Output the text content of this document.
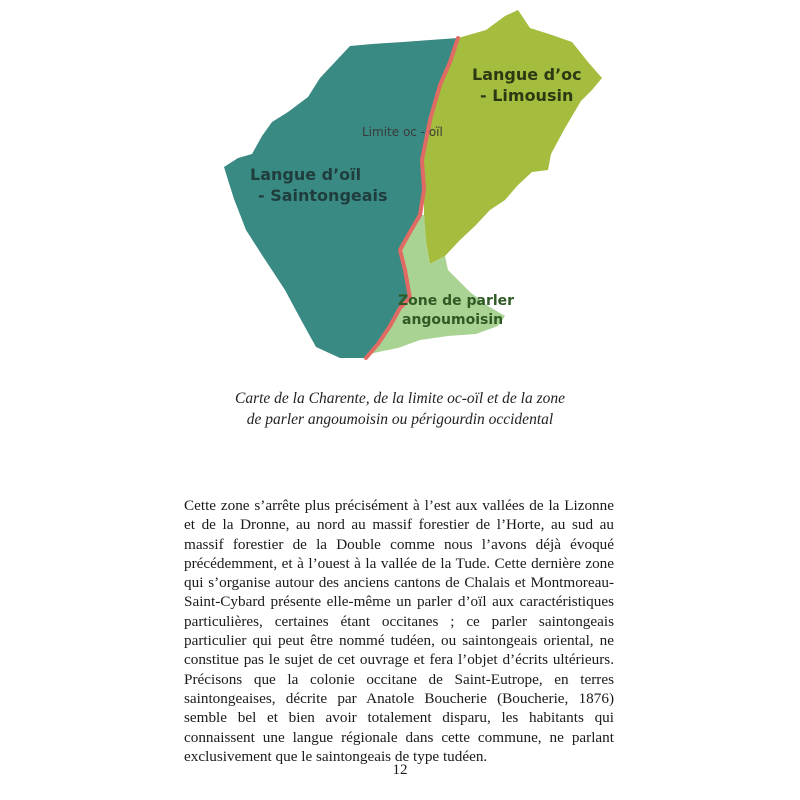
Langue d’oïl
- Saintongeais
Langue d’oc
- Limousin
Limite oc - oïl
Zone de parler
angoumoisin
Carte de la Charente, de la limite oc-oïl et de la zone
de parler angoumoisin ou périgourdin occidental

Cette zone s’arrête plus précisément à l’est aux vallées de la Lizonne et de la Dronne, au nord au massif forestier de l’Horte, au sud au massif forestier de la Double comme nous l’avons déjà évoqué précédemment, et à l’ouest à la vallée de la Tude. Cette dernière zone qui s’organise autour des anciens cantons de Chalais et Montmoreau-Saint-Cybard présente elle-même un parler d’oïl aux caractéristiques particulières, certaines étant occitanes ; ce parler saintongeais particulier qui peut être nommé tudéen, ou saintongeais oriental, ne constitue pas le sujet de cet ouvrage et fera l’objet d’écrits ultérieurs. Précisons que la colonie occitane de Saint-Eutrope, en terres saintongeaises, décrite par Anatole Boucherie (Boucherie, 1876) semble bel et bien avoir totalement disparu, les habitants qui connaissent une langue régionale dans cette commune, ne parlant exclusivement que le saintongeais de type tudéen.

12
